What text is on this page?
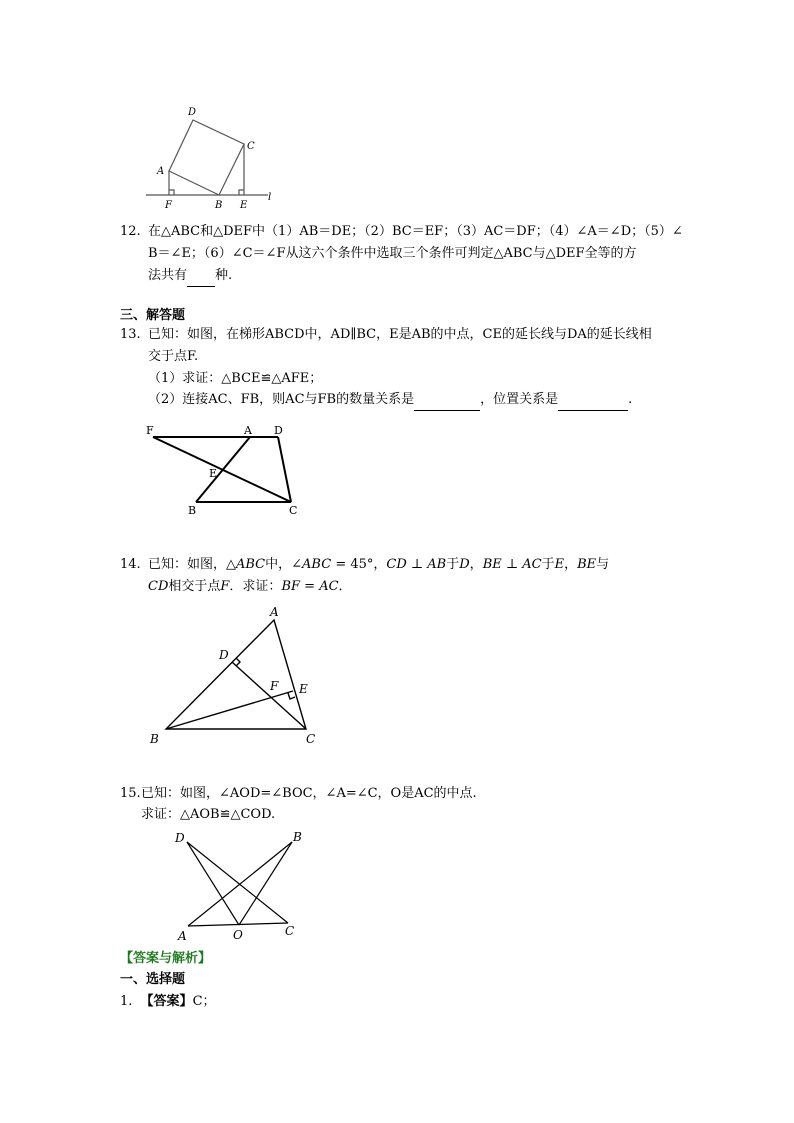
D
C
A
F	B E
l
12. 在△ABC和△DEF中（1）AB＝DE；（2）BC＝EF；（3）AC＝DF；（4）∠A＝∠D；（5）∠
B＝∠E；（6）∠C＝∠F从这六个条件中选取三个条件可判定△ABC与△DEF全等的方
法共有 种.
三、解答题
13. 已知：如图，在梯形ABCD中，AD∥BC，E是AB的中点，CE的延长线与DA的延长线相
交于点F.
（1）求证：△BCE≌△AFE；
（2）连接AC、FB，则AC与FB的数量关系是	，位置关系是	.
F	A D
E
B	C
14. 已知：如图，△ABC中，∠ABC = 45°，CD ⊥ AB于D，BE ⊥ AC于E，BE与
CD相交于点F．求证：BF = AC．
A
D
F E
B	C
15. 已知：如图，∠AOD=∠BOC，∠A=∠C，O是AC的中点.
求证：△AOB≌△COD.
D	B
A	O	C
【答案与解析】
一、选择题
1. 【答案】C；
